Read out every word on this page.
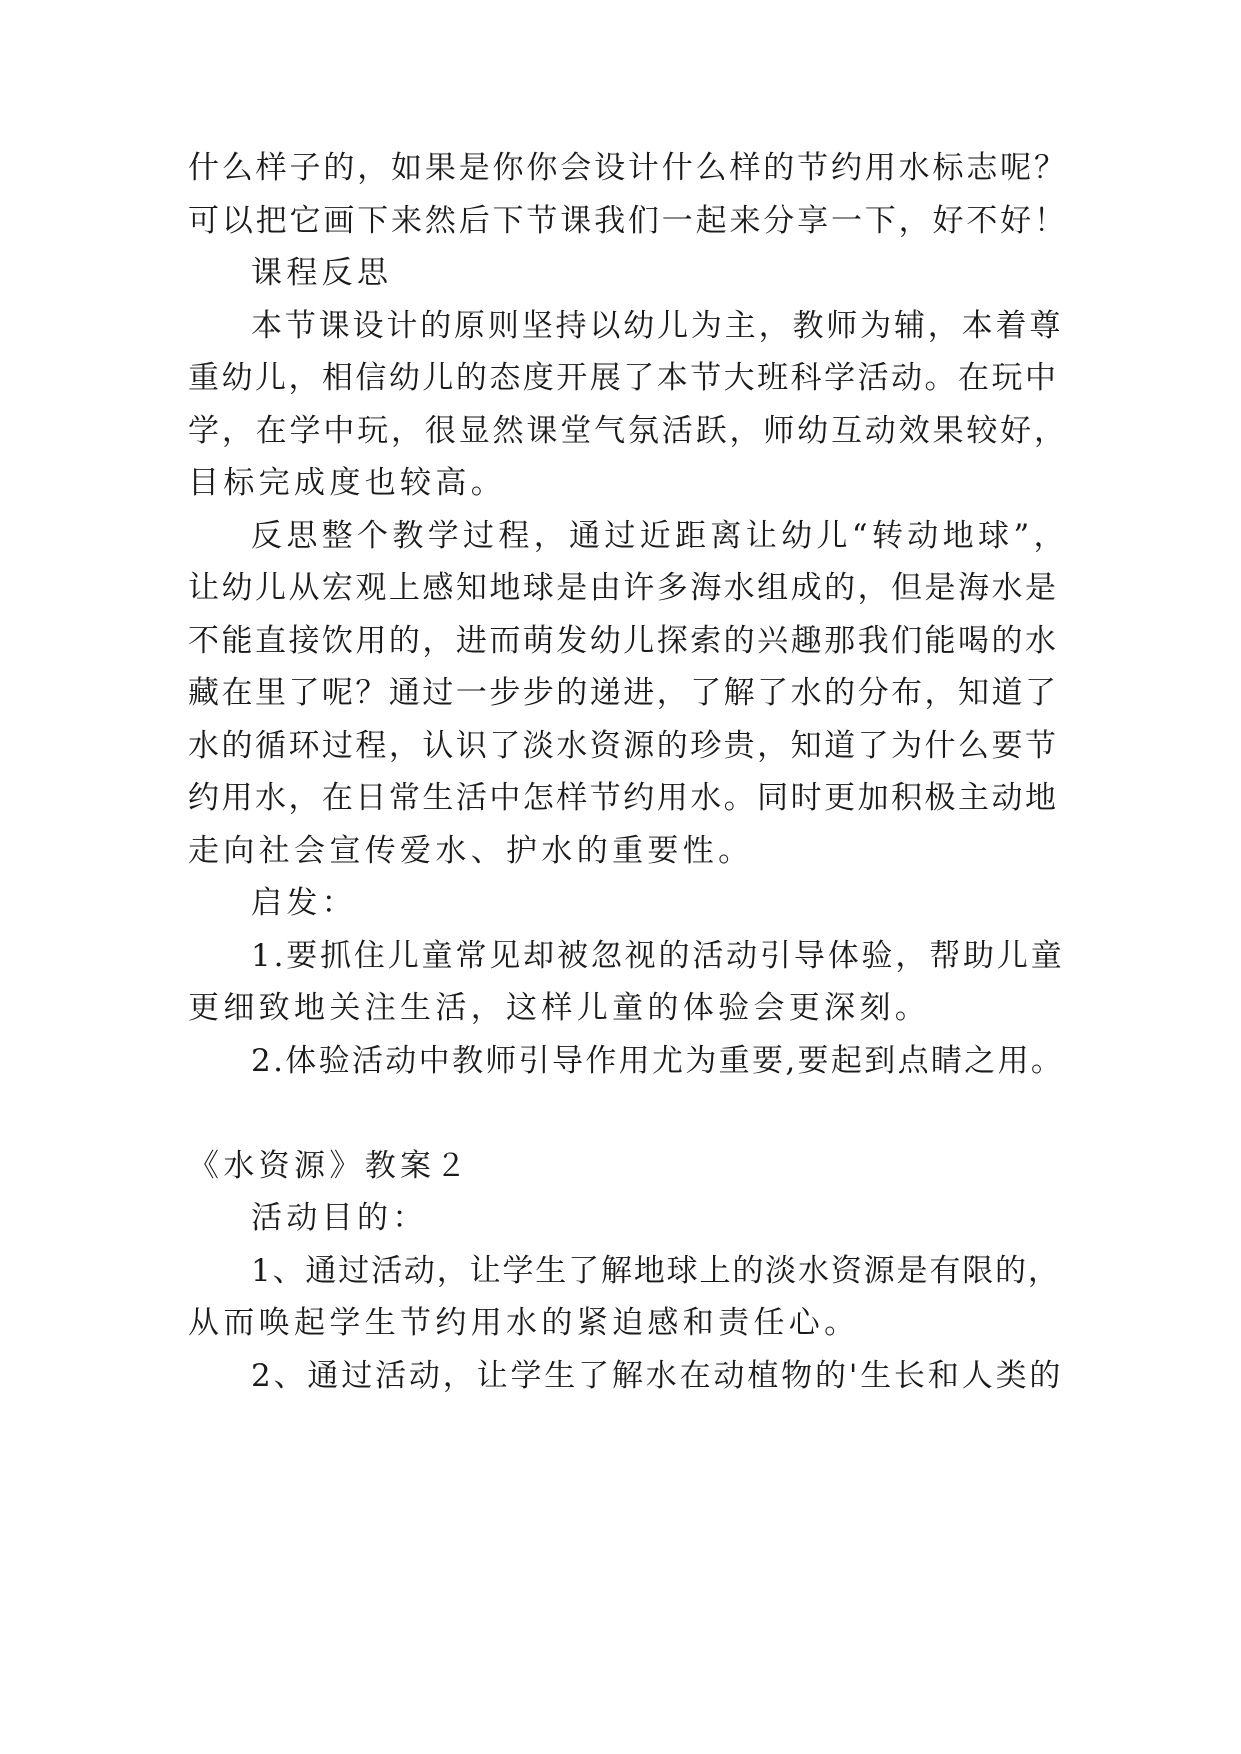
什么样子的，如果是你你会设计什么样的节约用水标志呢？
可以把它画下来然后下节课我们一起来分享一下，好不好！
课程反思
本节课设计的原则坚持以幼儿为主，教师为辅，本着尊
重幼儿，相信幼儿的态度开展了本节大班科学活动。在玩中
学，在学中玩，很显然课堂气氛活跃，师幼互动效果较好，
目标完成度也较高。
反思整个教学过程，通过近距离让幼儿“转动地球”，
让幼儿从宏观上感知地球是由许多海水组成的，但是海水是
不能直接饮用的，进而萌发幼儿探索的兴趣那我们能喝的水
藏在里了呢？通过一步步的递进，了解了水的分布，知道了
水的循环过程，认识了淡水资源的珍贵，知道了为什么要节
约用水，在日常生活中怎样节约用水。同时更加积极主动地
走向社会宣传爱水、护水的重要性。
启发：
1.要抓住儿童常见却被忽视的活动引导体验，帮助儿童
更细致地关注生活，这样儿童的体验会更深刻。
2.体验活动中教师引导作用尤为重要,要起到点睛之用。
《水资源》教案２
活动目的：
1、通过活动，让学生了解地球上的淡水资源是有限的，
从而唤起学生节约用水的紧迫感和责任心。
2、通过活动，让学生了解水在动植物的'生长和人类的
